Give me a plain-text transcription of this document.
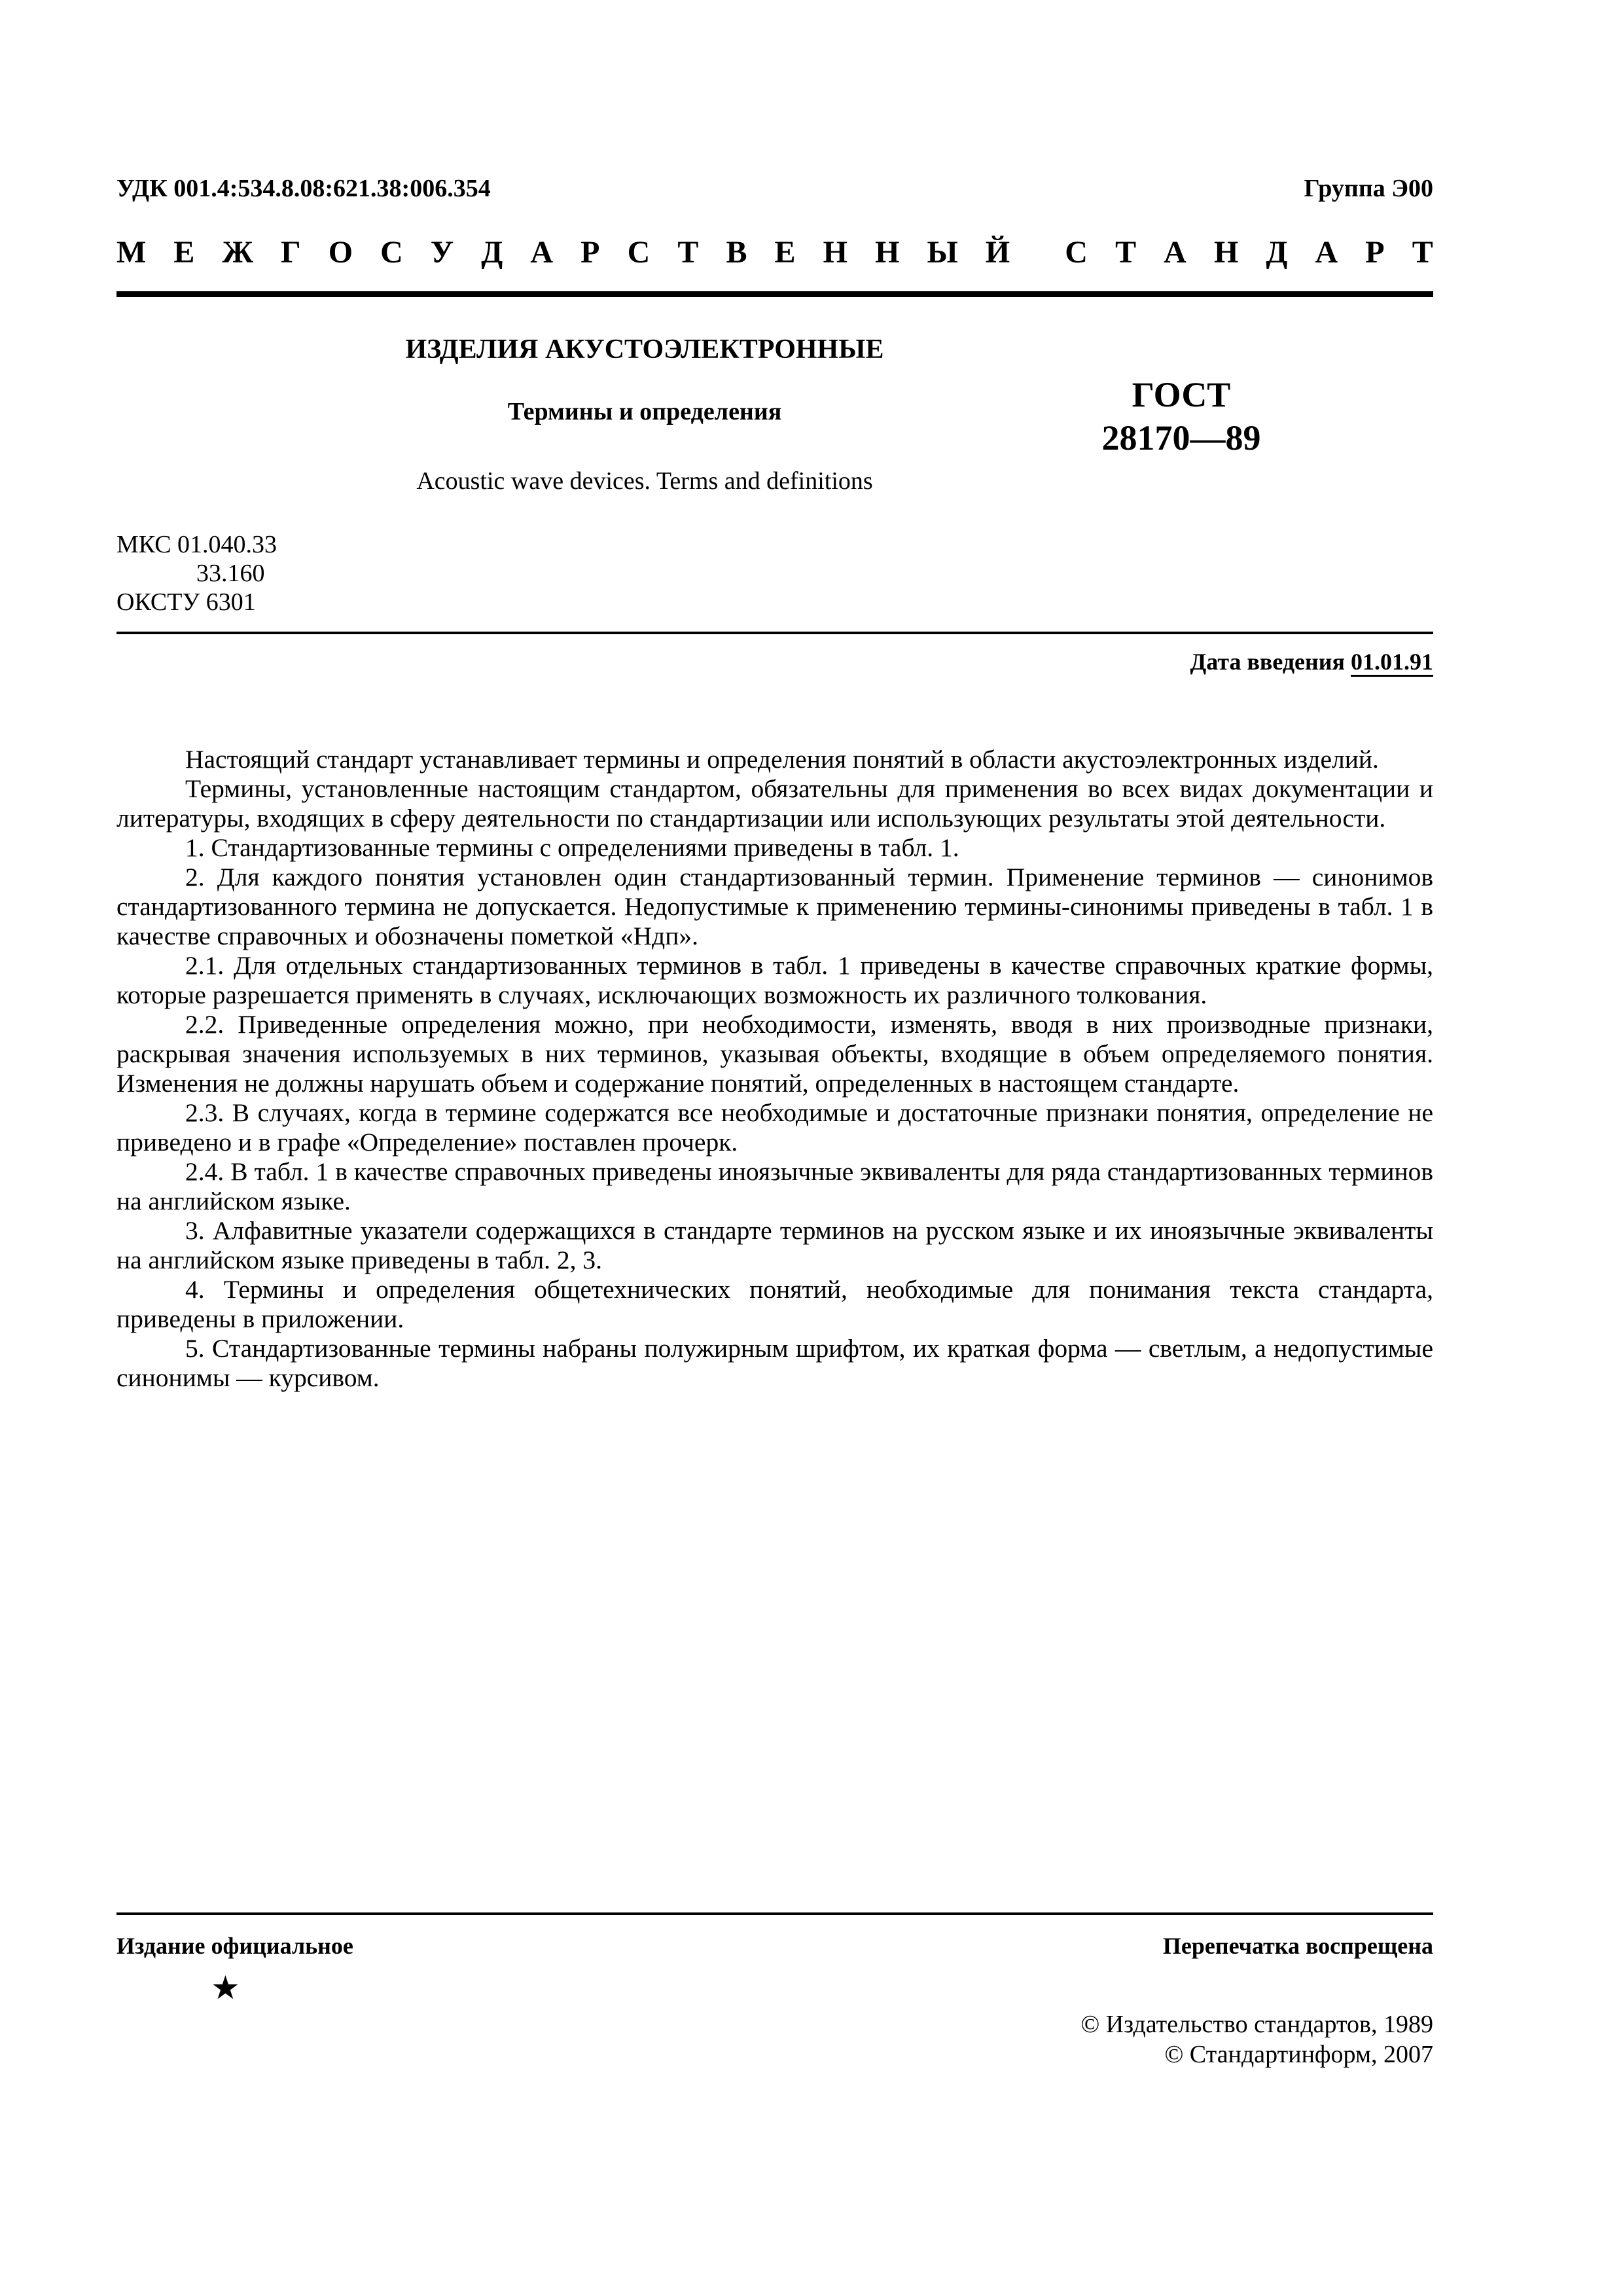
УДК 001.4:534.8.08:621.38:006.354	Группа Э00
М Е Ж Г О С У Д А Р С Т В Е Н Н Ы Й С Т А Н Д А Р Т
ИЗДЕЛИЯ АКУСТОЭЛЕКТРОННЫЕ
Термины и определения
Acoustic wave devices. Terms and definitions
ГОСТ
28170—89
МКС 01.040.33
33.160
ОКСТУ 6301
Дата введения 01.01.91

Настоящий стандарт устанавливает термины и определения понятий в области акустоэлектронных изделий.

Термины, установленные настоящим стандартом, обязательны для применения во всех видах документации и литературы, входящих в сферу деятельности по стандартизации или использующих результаты этой деятельности.

1. Стандартизованные термины с определениями приведены в табл. 1.

2. Для каждого понятия установлен один стандартизованный термин. Применение терминов — синонимов стандартизованного термина не допускается. Недопустимые к применению термины-синонимы приведены в табл. 1 в качестве справочных и обозначены пометкой «Ндп».

2.1. Для отдельных стандартизованных терминов в табл. 1 приведены в качестве справочных краткие формы, которые разрешается применять в случаях, исключающих возможность их различного толкования.

2.2. Приведенные определения можно, при необходимости, изменять, вводя в них производные признаки, раскрывая значения используемых в них терминов, указывая объекты, входящие в объем определяемого понятия. Изменения не должны нарушать объем и содержание понятий, определенных в настоящем стандарте.

2.3. В случаях, когда в термине содержатся все необходимые и достаточные признаки понятия, определение не приведено и в графе «Определение» поставлен прочерк.

2.4. В табл. 1 в качестве справочных приведены иноязычные эквиваленты для ряда стандартизованных терминов на английском языке.

3. Алфавитные указатели содержащихся в стандарте терминов на русском языке и их иноязычные эквиваленты на английском языке приведены в табл. 2, 3.

4. Термины и определения общетехнических понятий, необходимые для понимания текста стандарта, приведены в приложении.

5. Стандартизованные термины набраны полужирным шрифтом, их краткая форма — светлым, а недопустимые синонимы — курсивом.

Издание официальное	Перепечатка воспрещена
★
© Издательство стандартов, 1989
© Стандартинформ, 2007
